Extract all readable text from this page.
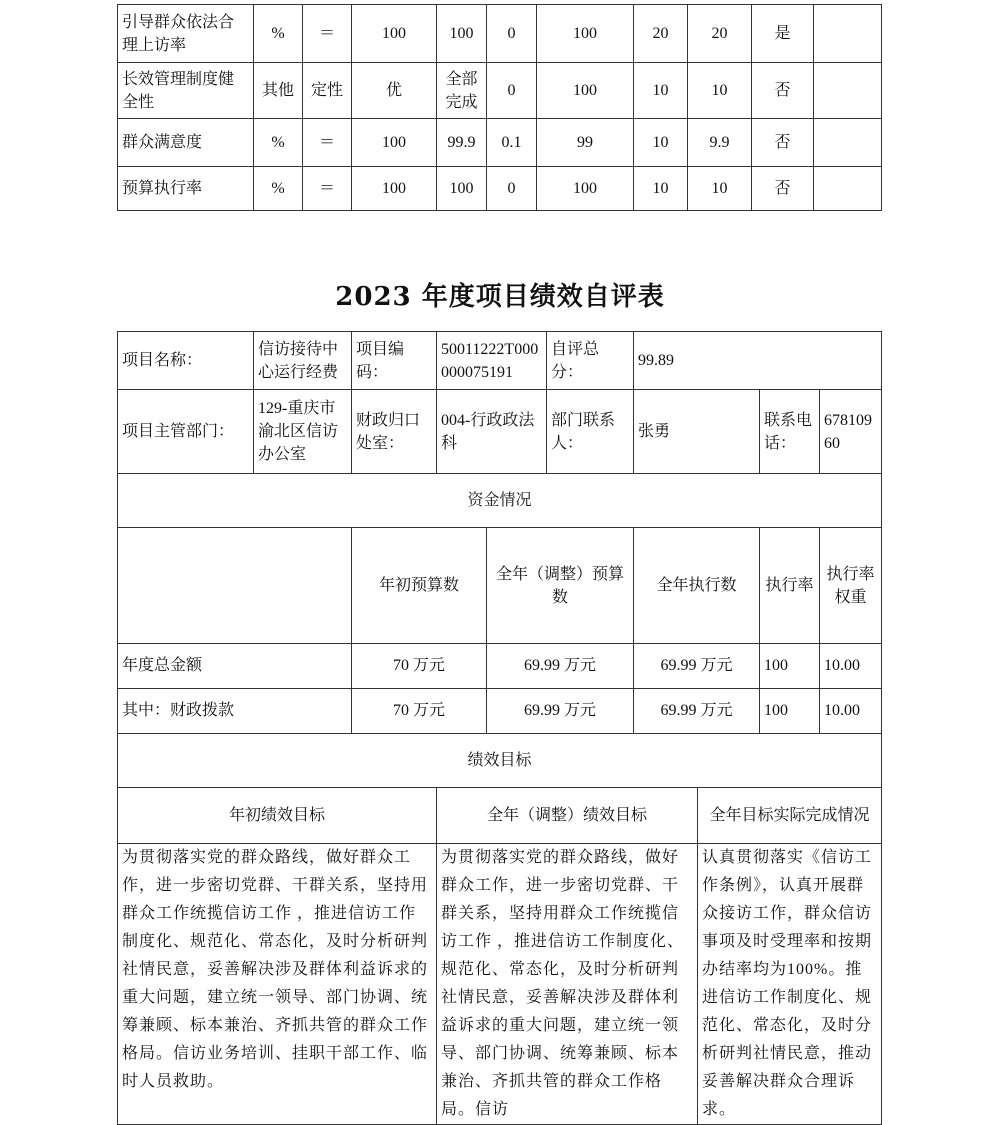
引导群众依法合理上访率	%	＝	100	100	0	100	20	20	是	
长效管理制度健全性	其他	定性	优	全部完成	0	100	10	10	否	
群众满意度	%	＝	100	99.9	0.1	99	10	9.9	否	
预算执行率	%	＝	100	100	0	100	10	10	否	
2023 年度项目绩效自评表
项目名称：	信访接待中心运行经费	项目编码：	50011222T000000075191		自评总分：	99.89				
项目主管部门：	129-重庆市渝北区信访办公室	财政归口处室：	004-行政政法科		部门联系人：	张勇		联系电话：	67810960	
资金情况										
		年初预算数		全年（调整）预算数		全年执行数		执行率	执行率权重	
年度总金额		70 万元		69.99 万元		69.99 万元		100	10.00	
其中：财政拨款		70 万元		69.99 万元		69.99 万元		100	10.00	
绩效目标										
年初绩效目标			全年（调整）绩效目标				全年目标实际完成情况			
为贯彻落实党的群众路线，做好群众工作，进一步密切党群、干群关系，坚持用群众工作统揽信访工作 ，推进信访工作制度化、规范化、常态化，及时分析研判社情民意，妥善解决涉及群体利益诉求的重大问题，建立统一领导、部门协调、统筹兼顾、标本兼治、齐抓共管的群众工作格局。信访业务培训、挂职干部工作、临时人员救助。			为贯彻落实党的群众路线，做好群众工作，进一步密切党群、干群关系，坚持用群众工作统揽信访工作 ，推进信访工作制度化、规范化、常态化，及时分析研判社情民意，妥善解决涉及群体利益诉求的重大问题，建立统一领导、部门协调、统筹兼顾、标本兼治、齐抓共管的群众工作格局。信访				认真贯彻落实《信访工作条例》，认真开展群众接访工作，群众信访事项及时受理率和按期办结率均为100%。推进信访工作制度化、规范化、常态化，及时分析研判社情民意，推动妥善解决群众合理诉求。			
